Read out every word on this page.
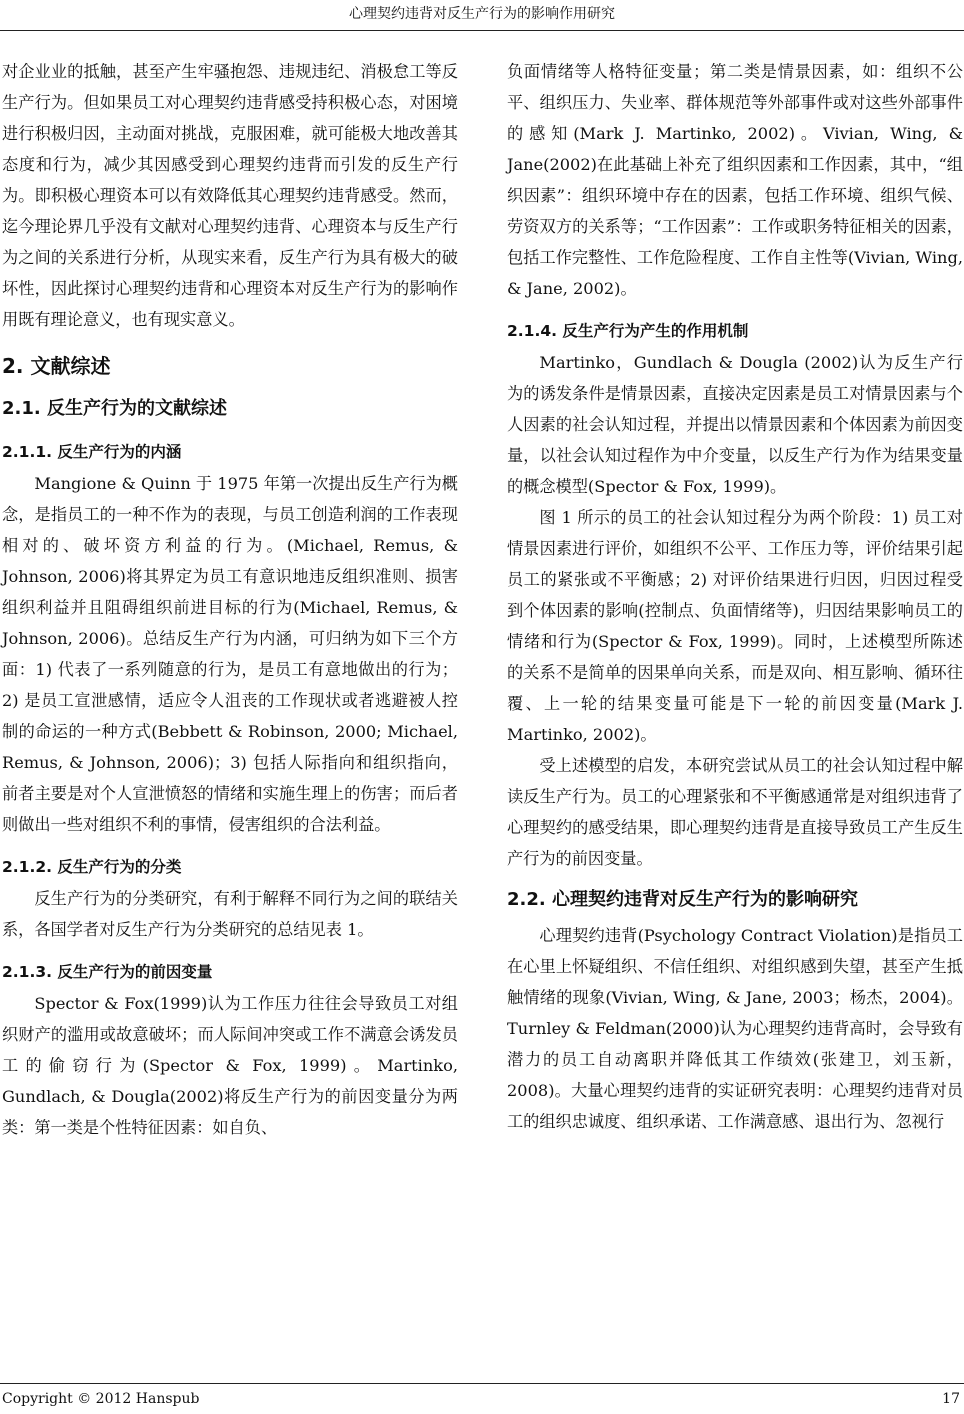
心理契约违背对反生产行为的影响作用研究

对企业业的抵触，甚至产生牢骚抱怨、违规违纪、消极怠工等反生产行为。但如果员工对心理契约违背感受持积极心态，对困境进行积极归因，主动面对挑战，克服困难，就可能极大地改善其态度和行为，减少其因感受到心理契约违背而引发的反生产行为。即积极心理资本可以有效降低其心理契约违背感受。然而，迄今理论界几乎没有文献对心理契约违背、心理资本与反生产行为之间的关系进行分析，从现实来看，反生产行为具有极大的破坏性，因此探讨心理契约违背和心理资本对反生产行为的影响作用既有理论意义，也有现实意义。

2. 文献综述
2.1. 反生产行为的文献综述
2.1.1. 反生产行为的内涵

Mangione & Quinn 于 1975 年第一次提出反生产行为概念，是指员工的一种不作为的表现，与员工创造利润的工作表现相对的、破坏资方利益的行为。(Michael, Remus, & Johnson, 2006)将其界定为员工有意识地违反组织准则、损害组织利益并且阻碍组织前进目标的行为(Michael, Remus, & Johnson, 2006)。总结反生产行为内涵，可归纳为如下三个方面：1) 代表了一系列随意的行为，是员工有意地做出的行为；2) 是员工宣泄感情，适应令人沮丧的工作现状或者逃避被人控制的命运的一种方式(Bebbett & Robinson, 2000; Michael, Remus, & Johnson, 2006)；3) 包括人际指向和组织指向，前者主要是对个人宣泄愤怒的情绪和实施生理上的伤害；而后者则做出一些对组织不利的事情，侵害组织的合法利益。

2.1.2. 反生产行为的分类

反生产行为的分类研究，有利于解释不同行为之间的联结关系，各国学者对反生产行为分类研究的总结见表 1。

2.1.3. 反生产行为的前因变量

Spector & Fox(1999)认为工作压力往往会导致员工对组织财产的滥用或故意破坏；而人际间冲突或工作不满意会诱发员工的偷窃行为(Spector & Fox, 1999)。Martinko, Gundlach, & Dougla(2002)将反生产行为的前因变量分为两类：第一类是个性特征因素：如自负、

负面情绪等人格特征变量；第二类是情景因素，如：组织不公平、组织压力、失业率、群体规范等外部事件或对这些外部事件的感知(Mark J. Martinko, 2002)。Vivian, Wing, & Jane(2002)在此基础上补充了组织因素和工作因素，其中，“组织因素”：组织环境中存在的因素，包括工作环境、组织气候、劳资双方的关系等；“工作因素”：工作或职务特征相关的因素，包括工作完整性、工作危险程度、工作自主性等(Vivian, Wing, & Jane, 2002)。

2.1.4. 反生产行为产生的作用机制

Martinko，Gundlach & Dougla (2002)认为反生产行为的诱发条件是情景因素，直接决定因素是员工对情景因素与个人因素的社会认知过程，并提出以情景因素和个体因素为前因变量，以社会认知过程作为中介变量，以反生产行为作为结果变量的概念模型(Spector & Fox, 1999)。

图 1 所示的员工的社会认知过程分为两个阶段：1) 员工对情景因素进行评价，如组织不公平、工作压力等，评价结果引起员工的紧张或不平衡感；2) 对评价结果进行归因，归因过程受到个体因素的影响(控制点、负面情绪等)，归因结果影响员工的情绪和行为(Spector & Fox, 1999)。同时，上述模型所陈述的关系不是简单的因果单向关系，而是双向、相互影响、循环往覆、上一轮的结果变量可能是下一轮的前因变量(Mark J. Martinko, 2002)。

受上述模型的启发，本研究尝试从员工的社会认知过程中解读反生产行为。员工的心理紧张和不平衡感通常是对组织违背了心理契约的感受结果，即心理契约违背是直接导致员工产生反生产行为的前因变量。

2.2. 心理契约违背对反生产行为的影响研究

心理契约违背(Psychology Contract Violation)是指员工在心里上怀疑组织、不信任组织、对组织感到失望，甚至产生抵触情绪的现象(Vivian, Wing, & Jane, 2003；杨杰，2004)。Turnley & Feldman(2000)认为心理契约违背高时，会导致有潜力的员工自动离职并降低其工作绩效(张建卫，刘玉新，2008)。大量心理契约违背的实证研究表明：心理契约违背对员工的组织忠诚度、组织承诺、工作满意感、退出行为、忽视行

Copyright © 2012 Hanspub	17
